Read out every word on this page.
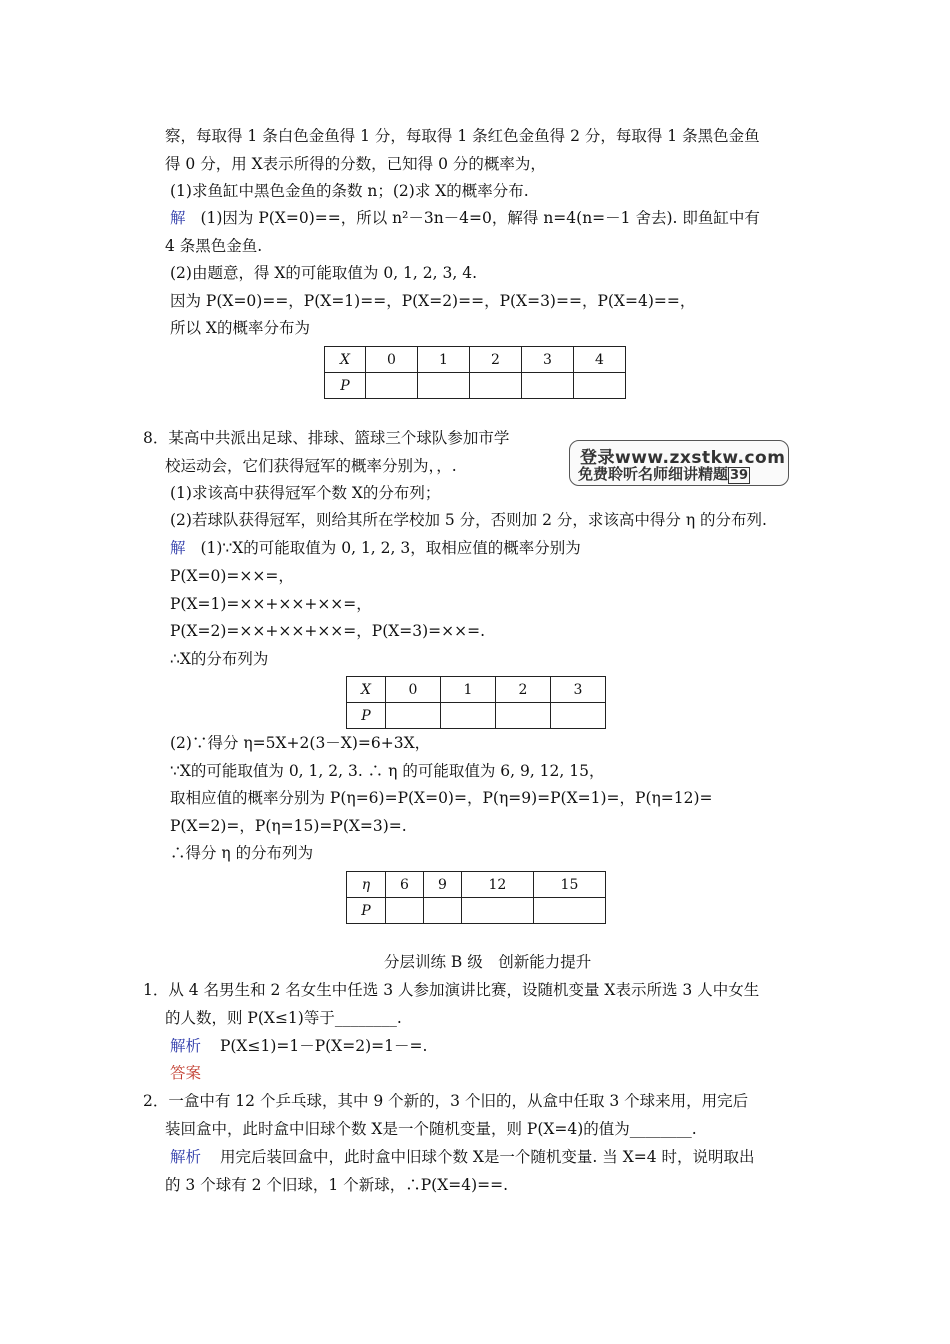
察，每取得 1 条白色金鱼得 1 分，每取得 1 条红色金鱼得 2 分，每取得 1 条黑色金鱼
得 0 分，用 X表示所得的分数，已知得 0 分的概率为，
(1)求鱼缸中黑色金鱼的条数 n；(2)求 X的概率分布.
解 (1)因为 P(X=0)==，所以 n²－3n－4=0，解得 n=4(n=－1 舍去). 即鱼缸中有
4 条黑色金鱼.
(2)由题意，得 X的可能取值为 0, 1, 2, 3, 4.
因为 P(X=0)==，P(X=1)==，P(X=2)==，P(X=3)==，P(X=4)==，
所以 X的概率分布为
X	0	1	2	3	4
P					
8．某高中共派出足球、排球、篮球三个球队参加市学
校运动会，它们获得冠军的概率分别为，，.	登录www.zxstkw.com
免费聆听名师细讲精题 39
(1)求该高中获得冠军个数 X的分布列；
(2)若球队获得冠军，则给其所在学校加 5 分，否则加 2 分，求该高中得分 η 的分布列.
解 (1)∵X的可能取值为 0, 1, 2, 3，取相应值的概率分别为
P(X=0)=××=，
P(X=1)=××+××+××=，
P(X=2)=××+××+××=，P(X=3)=××=.
∴X的分布列为
X	0	1	2	3
P				
(2)∵得分 η=5X+2(3－X)=6+3X，
∵X的可能取值为 0, 1, 2, 3. ∴ η 的可能取值为 6, 9, 12, 15，
取相应值的概率分别为 P(η=6)=P(X=0)=，P(η=9)=P(X=1)=，P(η=12)=
P(X=2)=，P(η=15)=P(X=3)=.
∴得分 η 的分布列为
η	6	9	12	15
P				
分层训练 B 级　创新能力提升
1．从 4 名男生和 2 名女生中任选 3 人参加演讲比赛，设随机变量 X表示所选 3 人中女生
的人数，则 P(X≤1)等于________.
解析 P(X≤1)=1－P(X=2)=1－=.
答案
2．一盒中有 12 个乒乓球，其中 9 个新的，3 个旧的，从盒中任取 3 个球来用，用完后
装回盒中，此时盒中旧球个数 X是一个随机变量，则 P(X=4)的值为________.
解析 用完后装回盒中，此时盒中旧球个数 X是一个随机变量. 当 X=4 时，说明取出
的 3 个球有 2 个旧球，1 个新球，∴P(X=4)==.
